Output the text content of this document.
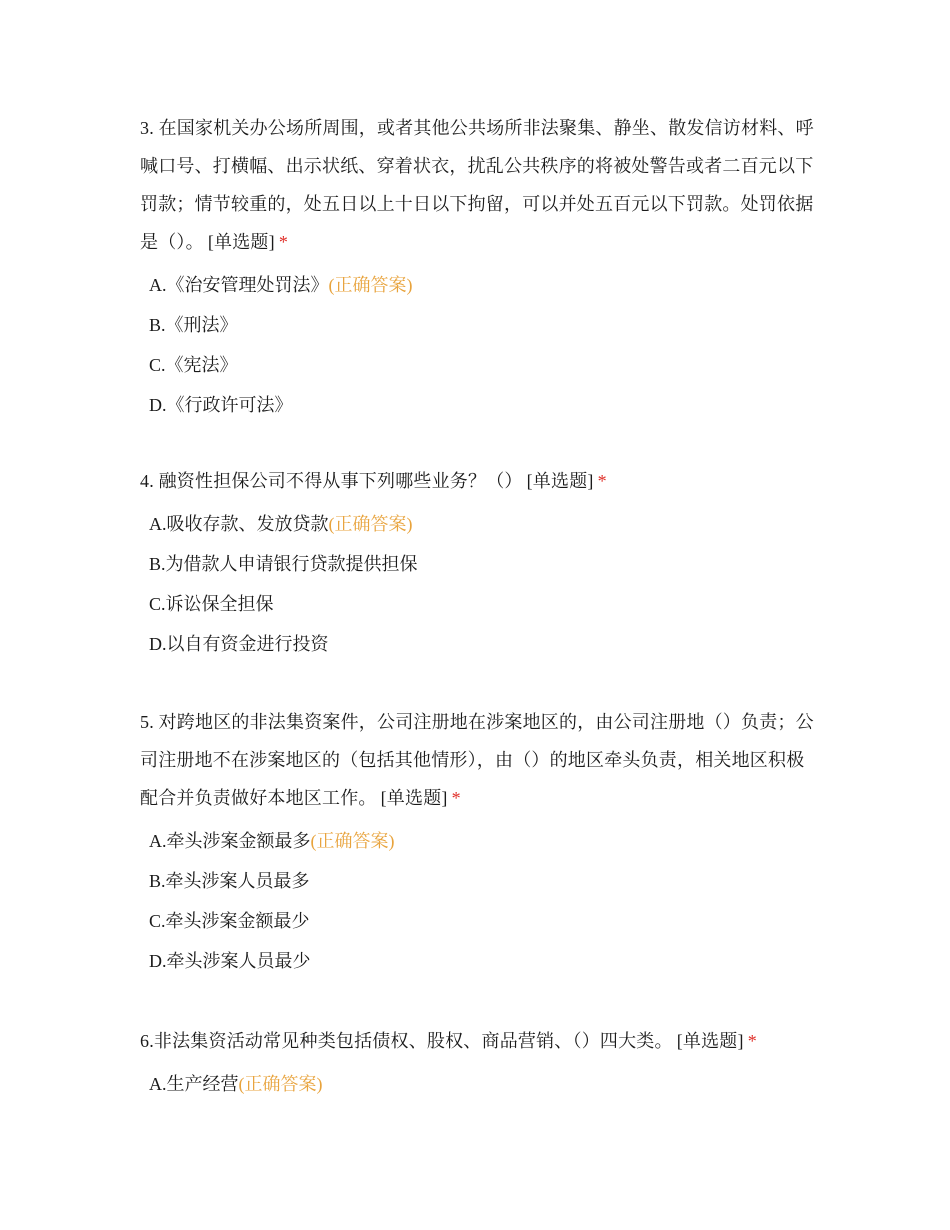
3. 在国家机关办公场所周围，或者其他公共场所非法聚集、静坐、散发信访材料、呼喊口号、打横幅、出示状纸、穿着状衣，扰乱公共秩序的将被处警告或者二百元以下罚款；情节较重的，处五日以上十日以下拘留，可以并处五百元以下罚款。处罚依据是（）。 [单选题] *

A.《治安管理处罚法》(正确答案)
B.《刑法》
C.《宪法》
D.《行政许可法》

4. 融资性担保公司不得从事下列哪些业务？（） [单选题] *

A.吸收存款、发放贷款(正确答案)
B.为借款人申请银行贷款提供担保
C.诉讼保全担保
D.以自有资金进行投资

5. 对跨地区的非法集资案件，公司注册地在涉案地区的，由公司注册地（）负责；公司注册地不在涉案地区的（包括其他情形），由（）的地区牵头负责，相关地区积极配合并负责做好本地区工作。 [单选题] *

A.牵头涉案金额最多(正确答案)
B.牵头涉案人员最多
C.牵头涉案金额最少
D.牵头涉案人员最少

6.非法集资活动常见种类包括债权、股权、商品营销、（）四大类。 [单选题] *

A.生产经营(正确答案)
